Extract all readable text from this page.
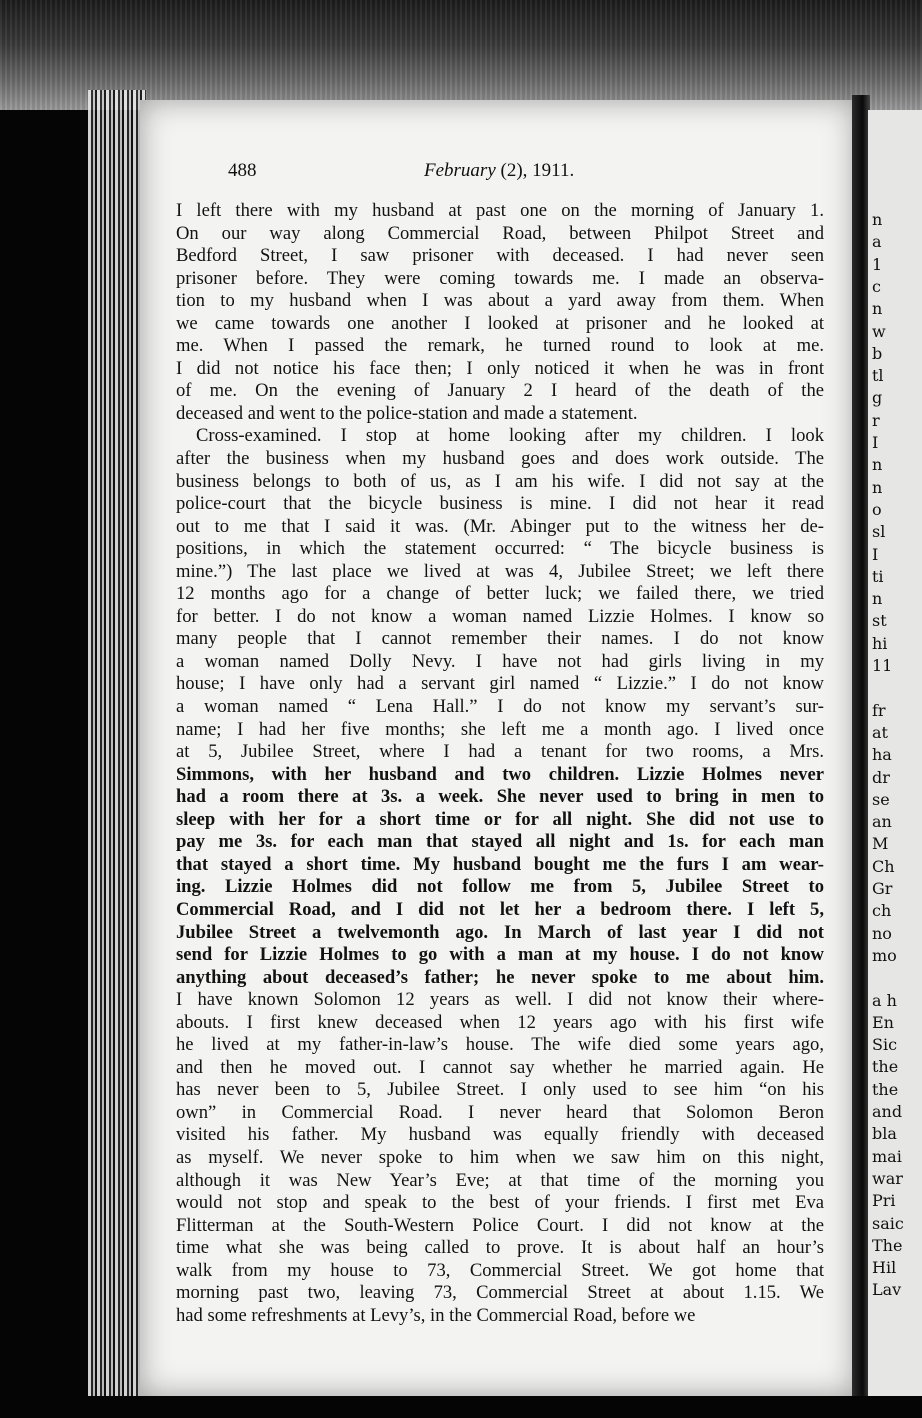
n
a
1
c
n
w
b
tl
g
r
I
n
n
o
sl
I
ti
n
st
hi
11
fr
at
ha
dr
se
an
M
Ch
Gr
ch
no
mo
a h
En
Sic
the
the
and
bla
mai
war
Pri
saic
The
Hil
Lav
488	February (2), 1911.
I left there with my husband at past one on the morning of January 1.
On our way along Commercial Road, between Philpot Street and
Bedford Street, I saw prisoner with deceased. I had never seen
prisoner before. They were coming towards me. I made an observa-
tion to my husband when I was about a yard away from them. When
we came towards one another I looked at prisoner and he looked at
me. When I passed the remark, he turned round to look at me.
I did not notice his face then; I only noticed it when he was in front
of me. On the evening of January 2 I heard of the death of the
deceased and went to the police-station and made a statement.
Cross-examined. I stop at home looking after my children. I look
after the business when my husband goes and does work outside. The
business belongs to both of us, as I am his wife. I did not say at the
police-court that the bicycle business is mine. I did not hear it read
out to me that I said it was. (Mr. Abinger put to the witness her de-
positions, in which the statement occurred: “ The bicycle business is
mine.”) The last place we lived at was 4, Jubilee Street; we left there
12 months ago for a change of better luck; we failed there, we tried
for better. I do not know a woman named Lizzie Holmes. I know so
many people that I cannot remember their names. I do not know
a woman named Dolly Nevy. I have not had girls living in my
house; I have only had a servant girl named “ Lizzie.” I do not know
a woman named “ Lena Hall.” I do not know my servant’s sur-
name; I had her five months; she left me a month ago. I lived once
at 5, Jubilee Street, where I had a tenant for two rooms, a Mrs.
Simmons, with her husband and two children. Lizzie Holmes never
had a room there at 3s. a week. She never used to bring in men to
sleep with her for a short time or for all night. She did not use to
pay me 3s. for each man that stayed all night and 1s. for each man
that stayed a short time. My husband bought me the furs I am wear-
ing. Lizzie Holmes did not follow me from 5, Jubilee Street to
Commercial Road, and I did not let her a bedroom there. I left 5,
Jubilee Street a twelvemonth ago. In March of last year I did not
send for Lizzie Holmes to go with a man at my house. I do not know
anything about deceased’s father; he never spoke to me about him.
I have known Solomon 12 years as well. I did not know their where-
abouts. I first knew deceased when 12 years ago with his first wife
he lived at my father-in-law’s house. The wife died some years ago,
and then he moved out. I cannot say whether he married again. He
has never been to 5, Jubilee Street. I only used to see him “on his
own” in Commercial Road. I never heard that Solomon Beron
visited his father. My husband was equally friendly with deceased
as myself. We never spoke to him when we saw him on this night,
although it was New Year’s Eve; at that time of the morning you
would not stop and speak to the best of your friends. I first met Eva
Flitterman at the South-Western Police Court. I did not know at the
time what she was being called to prove. It is about half an hour’s
walk from my house to 73, Commercial Street. We got home that
morning past two, leaving 73, Commercial Street at about 1.15. We
had some refreshments at Levy’s, in the Commercial Road, before we
